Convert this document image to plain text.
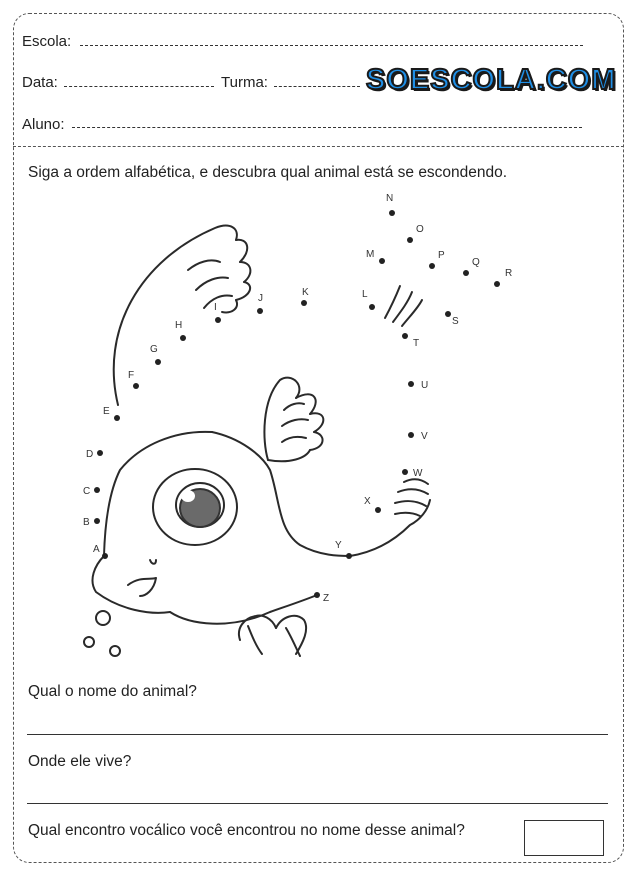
Escola:
Data:	Turma:	SOESCOLA.COM
Aluno:
Siga a ordem alfabética, e descubra qual animal está se escondendo.
A
B
C
D
E
F
G
H
I
J
K	L
M
N
O
P
Q
R
S
T
U
V
W
X
Y
Z
Qual o nome do animal?
Onde ele vive?
Qual encontro vocálico você encontrou no nome desse animal?
